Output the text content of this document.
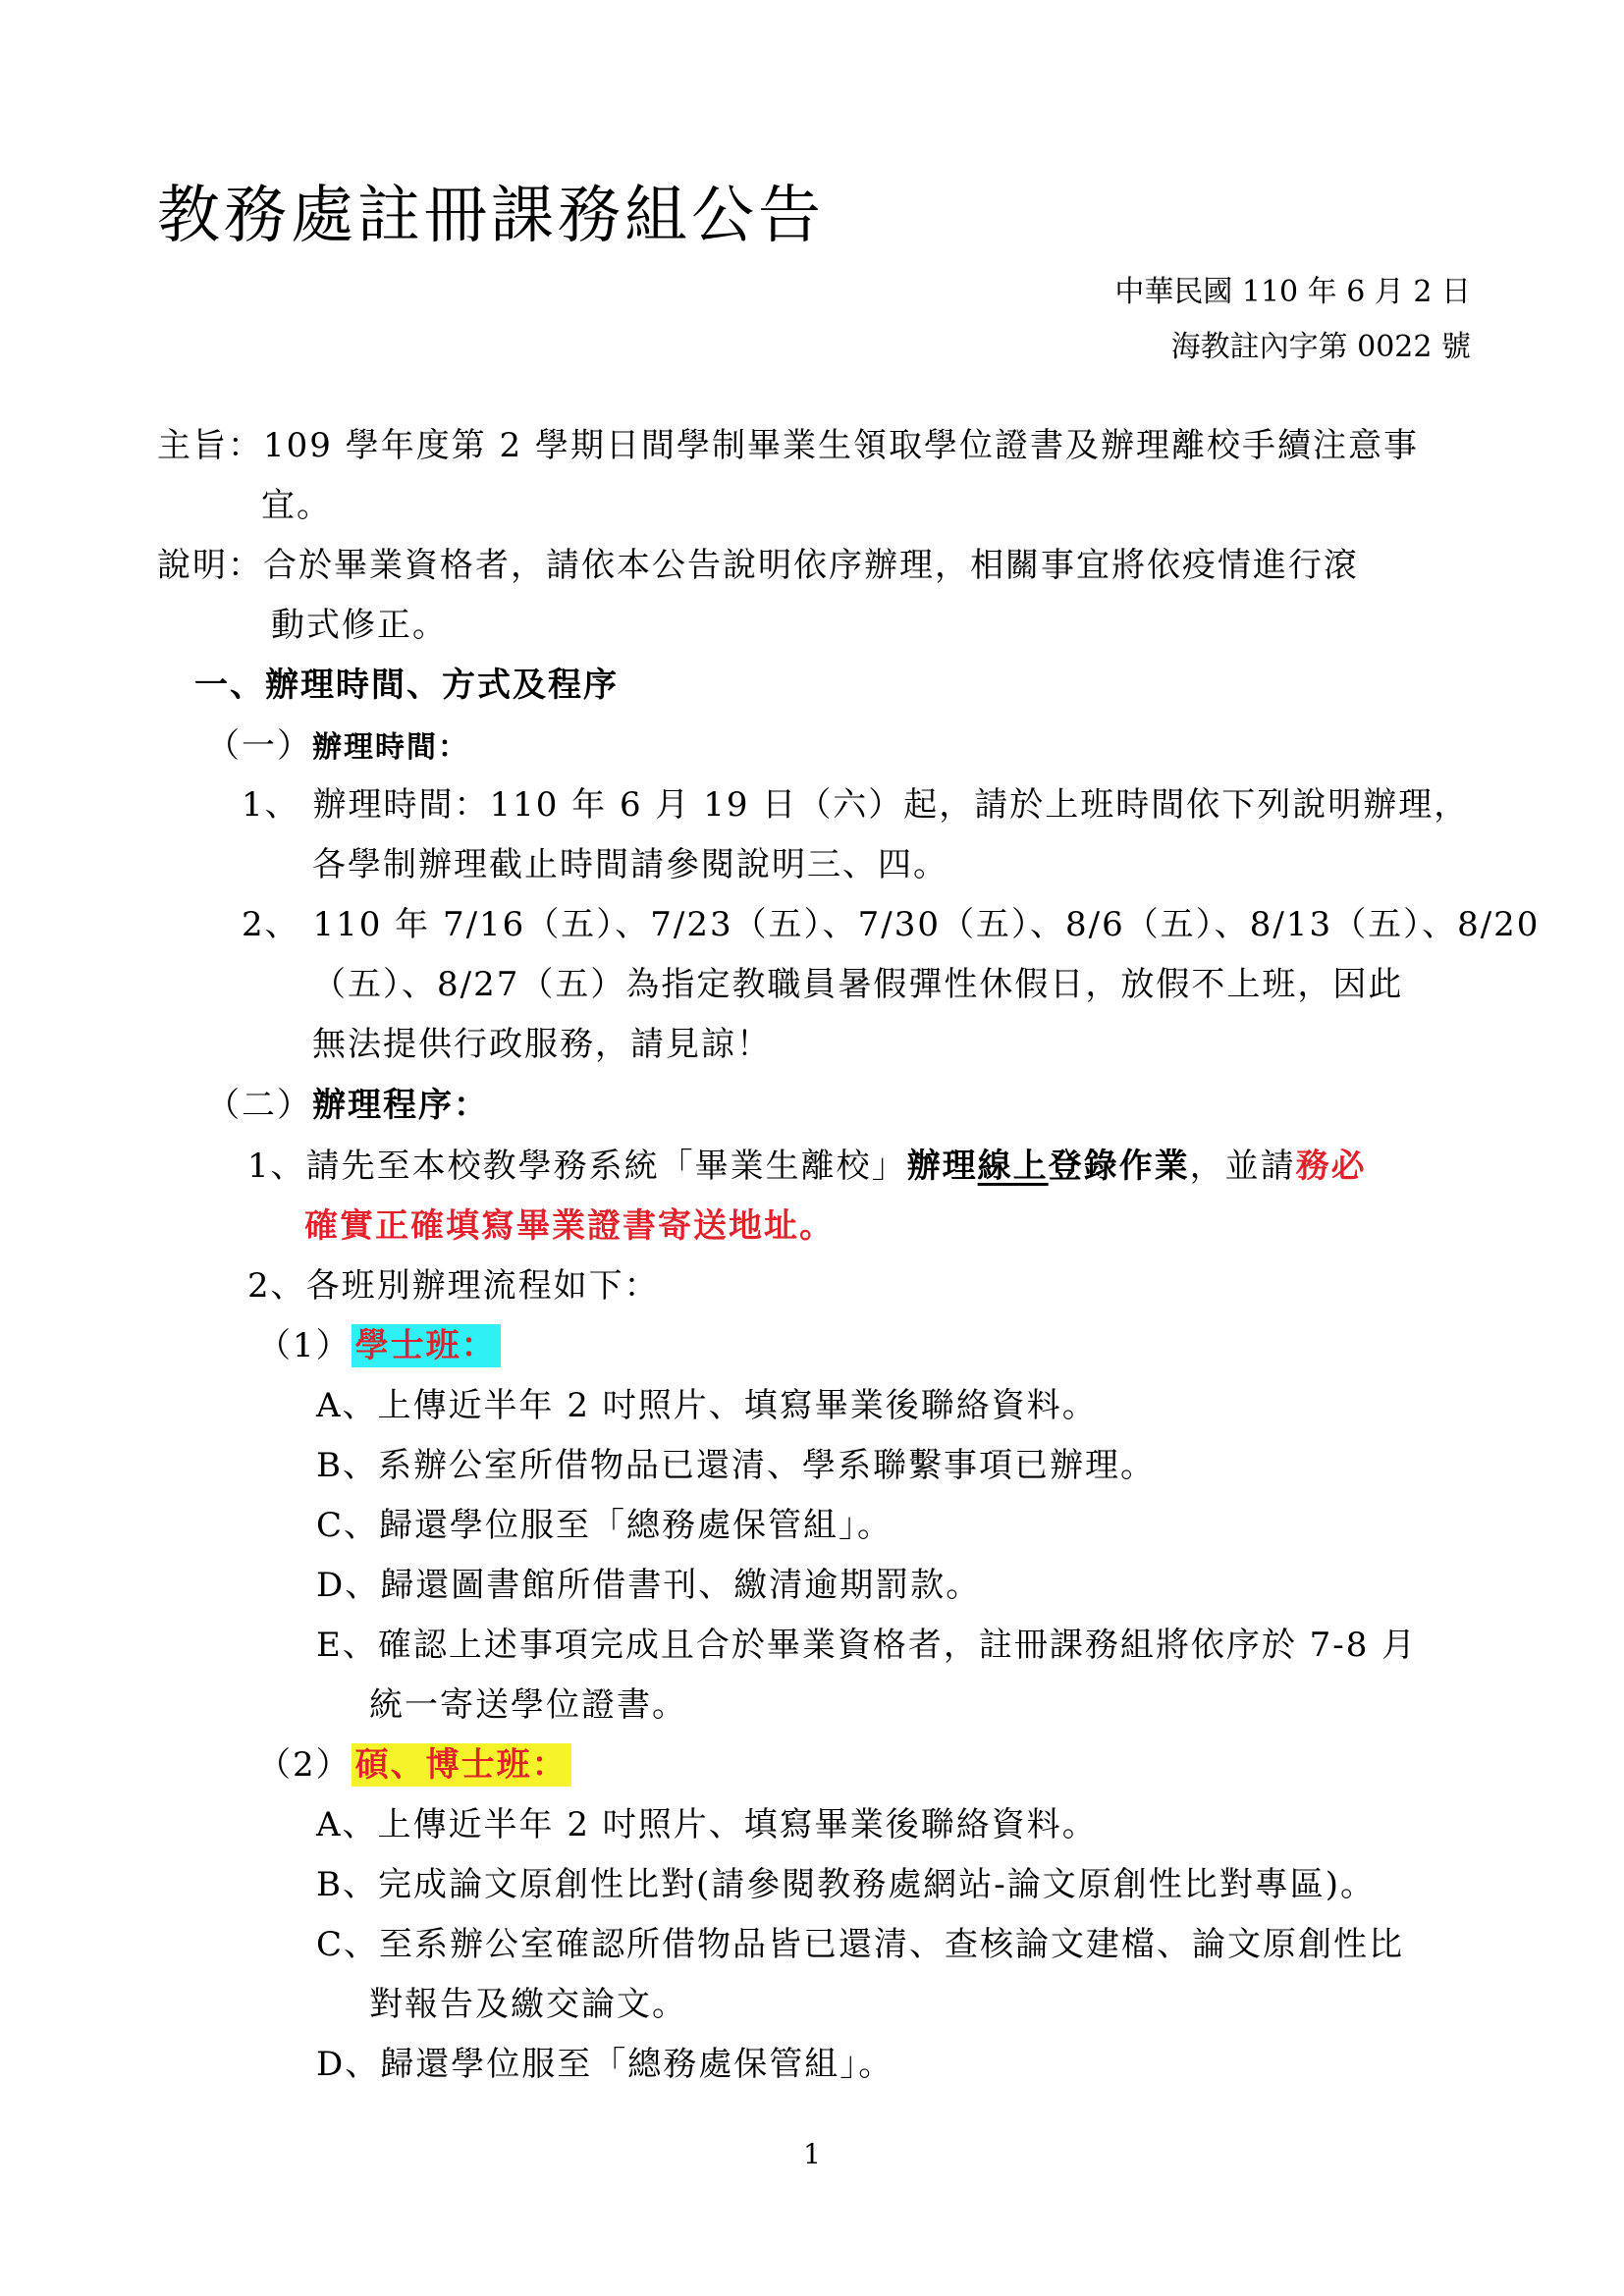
教務處註冊課務組公告
中華民國 110 年 6 月 2 日
海教註內字第 0022 號
主旨：109 學年度第 2 學期日間學制畢業生領取學位證書及辦理離校手續注意事
宜。
說明：合於畢業資格者，請依本公告說明依序辦理，相關事宜將依疫情進行滾
動式修正。
一、辦理時間、方式及程序
（一）辦理時間：
1、 辦理時間：110 年 6 月 19 日（六）起，請於上班時間依下列說明辦理，
各學制辦理截止時間請參閱說明三、四。
2、 110 年 7/16（五）、7/23（五）、7/30（五）、8/6（五）、8/13（五）、8/20
（五）、8/27（五）為指定教職員暑假彈性休假日，放假不上班，因此
無法提供行政服務，請見諒！
（二）辦理程序：
1、請先至本校教學務系統「畢業生離校」辦理線上登錄作業，並請務必
確實正確填寫畢業證書寄送地址。
2、各班別辦理流程如下：
（1） 學士班：
A、上傳近半年 2 吋照片、填寫畢業後聯絡資料。
B、系辦公室所借物品已還清、學系聯繫事項已辦理。
C、歸還學位服至「總務處保管組」。
D、歸還圖書館所借書刊、繳清逾期罰款。
E、確認上述事項完成且合於畢業資格者，註冊課務組將依序於 7-8 月
統一寄送學位證書。
（2） 碩、博士班：
A、上傳近半年 2 吋照片、填寫畢業後聯絡資料。
B、完成論文原創性比對(請參閱教務處網站-論文原創性比對專區)。
C、至系辦公室確認所借物品皆已還清、查核論文建檔、論文原創性比
對報告及繳交論文。
D、歸還學位服至「總務處保管組」。
1
